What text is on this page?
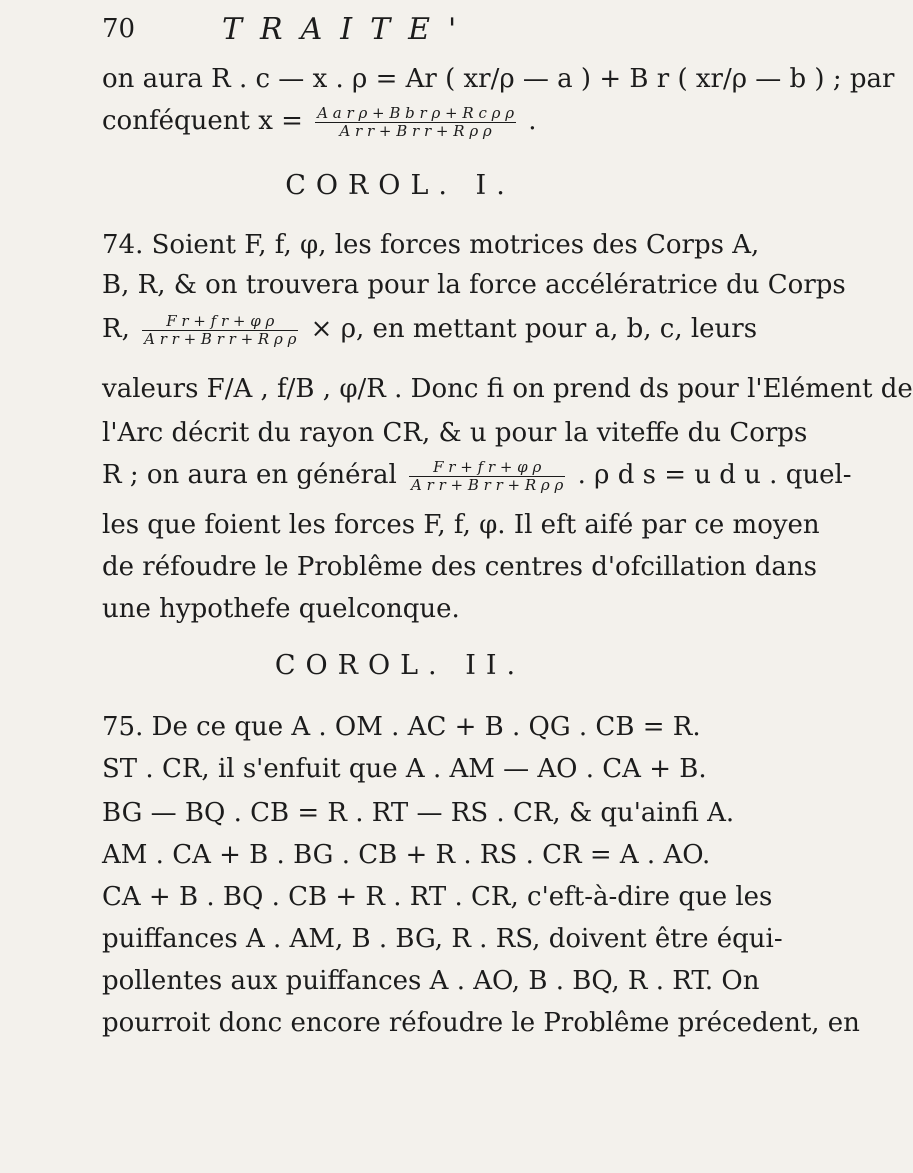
70	TRAITE'
on aura R . c — x . ρ = Ar ( xr/ρ — a ) + B r ( xr/ρ — b ) ; par
conféquent $x = \frac{\text{A a r ρ + B b r ρ + R c ρ ρ}}{\text{A r r + B r r + R ρ ρ}}$ .
COROL. I.
74. Soient F, f, φ, les forces motrices des Corps A,
B, R, & on trouvera pour la force accélératrice du Corps
R, $\frac{\text{F r + f r + φ ρ}}{\text{A r r + B r r + R ρ ρ}} \times \rho$, en mettant pour a, b, c, leurs
valeurs F/A , f/B , φ/R . Donc fi on prend ds pour l'Elément de
l'Arc décrit du rayon CR, & u pour la viteffe du Corps
R ; on aura en général $\frac{\text{F r + f r + φ ρ}}{\text{A r r + B r r + R ρ ρ}}$ . ρ d s = u d u . quel-
les que foient les forces F, f, φ. Il eft aifé par ce moyen
de réfoudre le Problême des centres d'ofcillation dans
une hypothefe quelconque.
COROL. II.
75. De ce que A . OM . AC + B . QG . CB = R.
ST . CR, il s'enfuit que A . AM — AO . CA + B.
BG — BQ . CB = R . RT — RS . CR, & qu'ainfi A.
AM . CA + B . BG . CB + R . RS . CR = A . AO.
CA + B . BQ . CB + R . RT . CR, c'eft-à-dire que les
puiffances A . AM, B . BG, R . RS, doivent être équi-
pollentes aux puiffances A . AO, B . BQ, R . RT. On
pourroit donc encore réfoudre le Problême précedent, en
